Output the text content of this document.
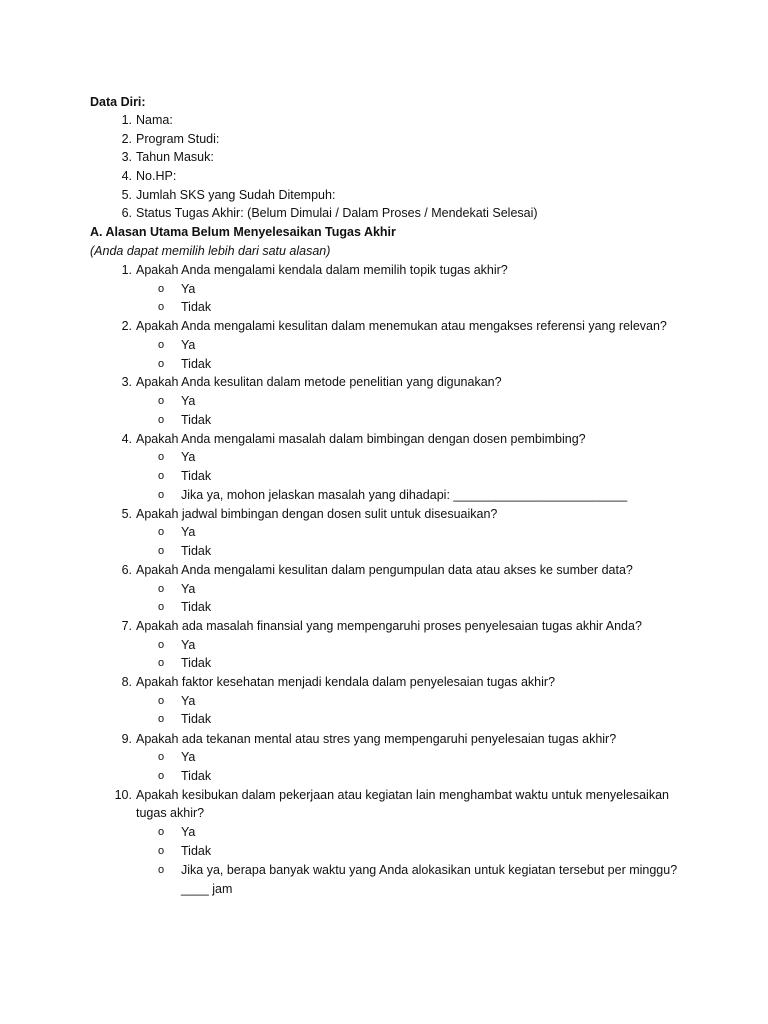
Data Diri:
1. Nama:
2. Program Studi:
3. Tahun Masuk:
4. No.HP:
5. Jumlah SKS yang Sudah Ditempuh:
6. Status Tugas Akhir: (Belum Dimulai / Dalam Proses / Mendekati Selesai)
A. Alasan Utama Belum Menyelesaikan Tugas Akhir
(Anda dapat memilih lebih dari satu alasan)
1. Apakah Anda mengalami kendala dalam memilih topik tugas akhir?
o Ya
o Tidak
2. Apakah Anda mengalami kesulitan dalam menemukan atau mengakses referensi yang relevan?
o Ya
o Tidak
3. Apakah Anda kesulitan dalam metode penelitian yang digunakan?
o Ya
o Tidak
4. Apakah Anda mengalami masalah dalam bimbingan dengan dosen pembimbing?
o Ya
o Tidak
o Jika ya, mohon jelaskan masalah yang dihadapi: _________________________
5. Apakah jadwal bimbingan dengan dosen sulit untuk disesuaikan?
o Ya
o Tidak
6. Apakah Anda mengalami kesulitan dalam pengumpulan data atau akses ke sumber data?
o Ya
o Tidak
7. Apakah ada masalah finansial yang mempengaruhi proses penyelesaian tugas akhir Anda?
o Ya
o Tidak
8. Apakah faktor kesehatan menjadi kendala dalam penyelesaian tugas akhir?
o Ya
o Tidak
9. Apakah ada tekanan mental atau stres yang mempengaruhi penyelesaian tugas akhir?
o Ya
o Tidak
10. Apakah kesibukan dalam pekerjaan atau kegiatan lain menghambat waktu untuk menyelesaikan
tugas akhir?
o Ya
o Tidak
o Jika ya, berapa banyak waktu yang Anda alokasikan untuk kegiatan tersebut per minggu?
____ jam
